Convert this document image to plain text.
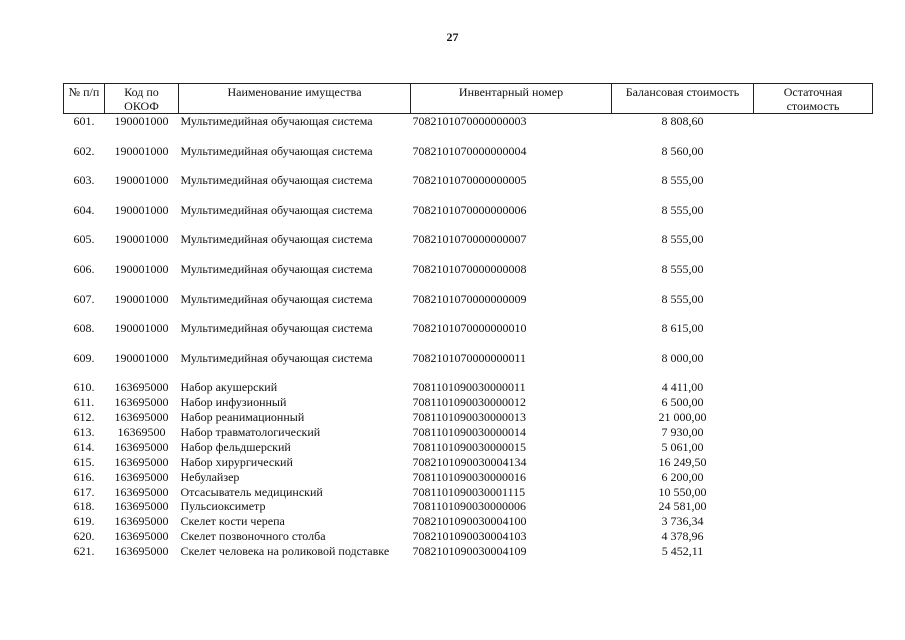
27
№ п/п	Код по ОКОФ	Наименование имущества	Инвентарный номер	Балансовая стоимость	Остаточная стоимость
601.	190001000	Мультимедийная обучающая система	7082101070000000003	8 808,60	
602.	190001000	Мультимедийная обучающая система	7082101070000000004	8 560,00	
603.	190001000	Мультимедийная обучающая система	7082101070000000005	8 555,00	
604.	190001000	Мультимедийная обучающая система	7082101070000000006	8 555,00	
605.	190001000	Мультимедийная обучающая система	7082101070000000007	8 555,00	
606.	190001000	Мультимедийная обучающая система	7082101070000000008	8 555,00	
607.	190001000	Мультимедийная обучающая система	7082101070000000009	8 555,00	
608.	190001000	Мультимедийная обучающая система	7082101070000000010	8 615,00	
609.	190001000	Мультимедийная обучающая система	7082101070000000011	8 000,00	
610.	163695000	Набор акушерский	7081101090030000011	4 411,00	
611.	163695000	Набор инфузионный	7081101090030000012	6 500,00	
612.	163695000	Набор реанимационный	7081101090030000013	21 000,00	
613.	16369500	Набор травматологический	7081101090030000014	7 930,00	
614.	163695000	Набор фельдшерский	7081101090030000015	5 061,00	
615.	163695000	Набор хирургический	7082101090030004134	16 249,50	
616.	163695000	Небулайзер	7081101090030000016	6 200,00	
617.	163695000	Отсасыватель медицинский	7081101090030001115	10 550,00	
618.	163695000	Пульсиоксиметр	7081101090030000006	24 581,00	
619.	163695000	Скелет кости черепа	7082101090030004100	3 736,34	
620.	163695000	Скелет позвоночного столба	7082101090030004103	4 378,96	
621.	163695000	Скелет человека на роликовой подставке	7082101090030004109	5 452,11	
